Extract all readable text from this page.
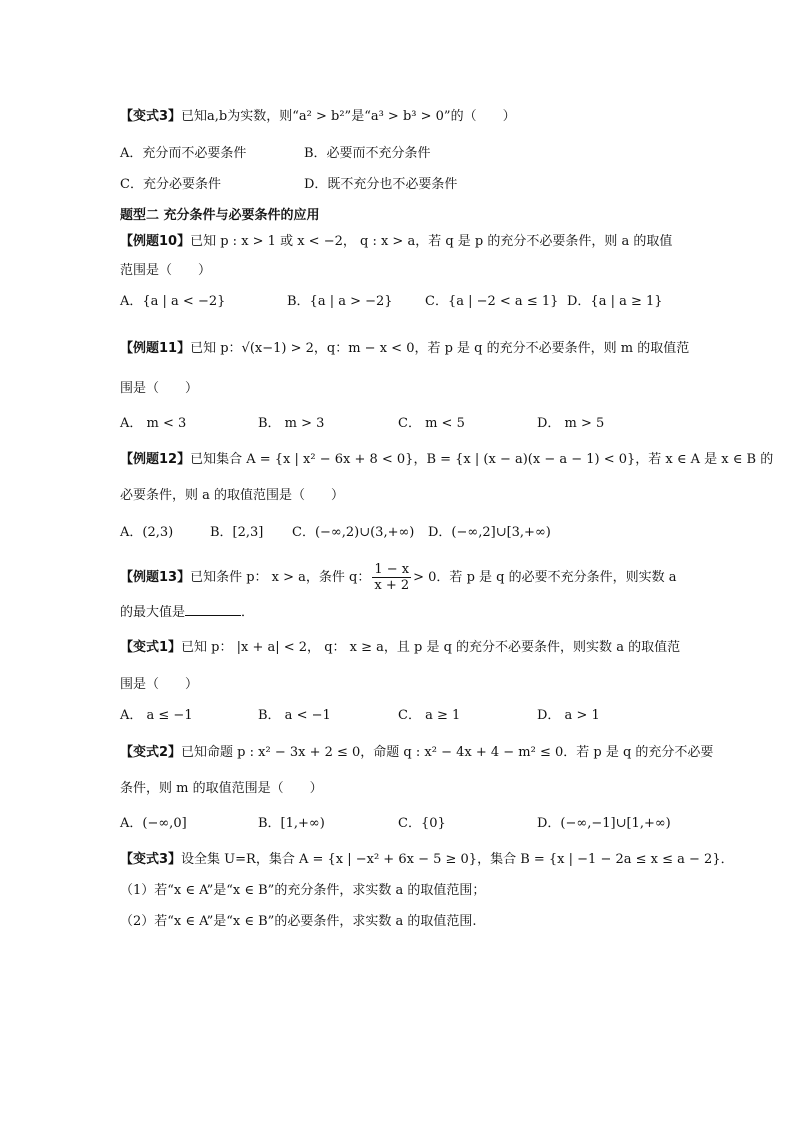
【变式3】已知a,b为实数，则“a² > b²”是“a³ > b³ > 0”的（　　）
A．充分而不必要条件	B．必要而不充分条件
C．充分必要条件	D．既不充分也不必要条件
题型二 充分条件与必要条件的应用
【例题10】已知 p : x > 1 或 x < −2， q : x > a，若 q 是 p 的充分不必要条件，则 a 的取值
范围是（　　）
A．{a | a < −2}	B．{a | a > −2} C．{a | −2 < a ≤ 1} D．{a | a ≥ 1}
【例题11】已知 p：√(x−1) > 2，q：m − x < 0，若 p 是 q 的充分不必要条件，则 m 的取值范
围是（　　）
A． m < 3	B． m > 3	C． m < 5	D． m > 5
【例题12】已知集合 A = {x | x² − 6x + 8 < 0}，B = {x | (x − a)(x − a − 1) < 0}，若 x ∈ A 是 x ∈ B 的
必要条件，则 a 的取值范围是（　　）
A．(2,3)	B．[2,3] C．(−∞,2)∪(3,+∞) D．(−∞,2]∪[3,+∞)
【例题13】已知条件 p： x > a，条件 q： $\frac{1 - x}{x + 2} > 0$．若 p 是 q 的必要不充分条件，则实数 a
的最大值是	．
【变式1】已知 p： |x + a| < 2， q： x ≥ a，且 p 是 q 的充分不必要条件，则实数 a 的取值范
围是（　　）
A． a ≤ −1	B． a < −1	C． a ≥ 1	D． a > 1
【变式2】已知命题 p : x² − 3x + 2 ≤ 0，命题 q : x² − 4x + 4 − m² ≤ 0．若 p 是 q 的充分不必要
条件，则 m 的取值范围是（　　）
A．(−∞,0]	B．[1,+∞)	C．{0}	D．(−∞,−1]∪[1,+∞)
【变式3】设全集 U=R，集合 A = {x | −x² + 6x − 5 ≥ 0}，集合 B = {x | −1 − 2a ≤ x ≤ a − 2}．
（1）若“x ∈ A”是“x ∈ B”的充分条件，求实数 a 的取值范围；
（2）若“x ∈ A”是“x ∈ B”的必要条件，求实数 a 的取值范围.
